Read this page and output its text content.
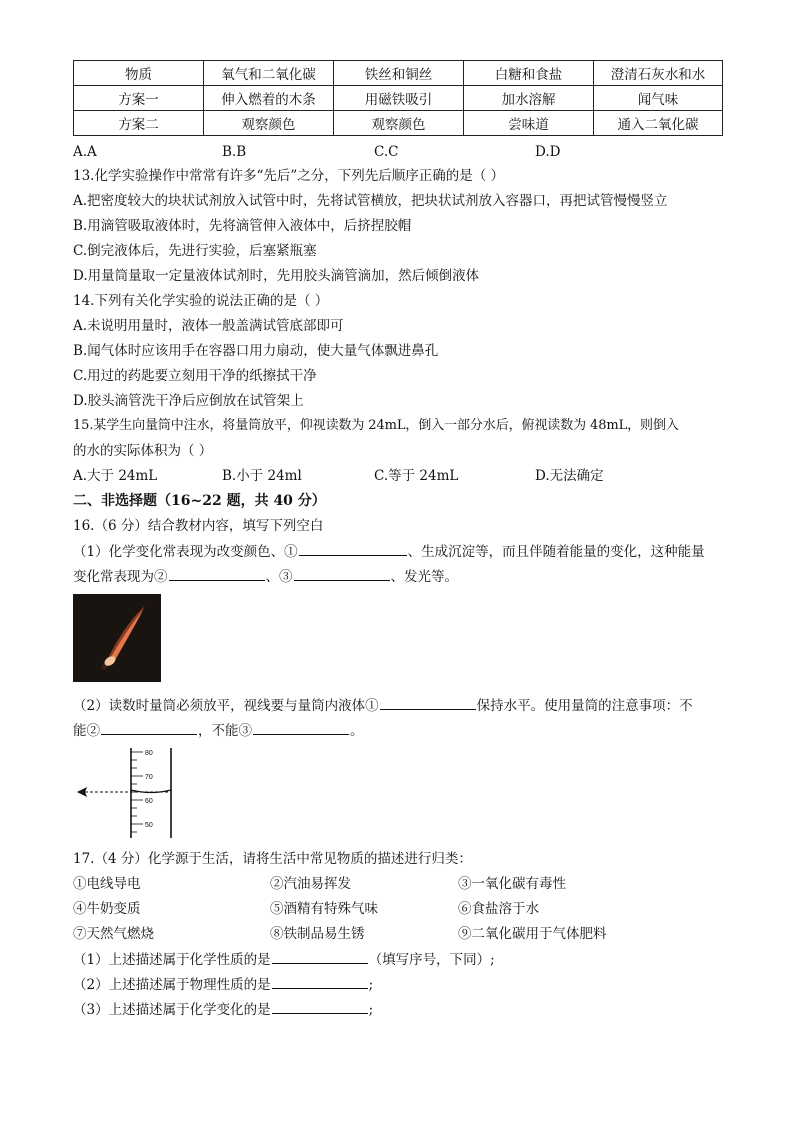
物质	氧气和二氧化碳	铁丝和铜丝	白糖和食盐	澄清石灰水和水
方案一	伸入燃着的木条	用磁铁吸引	加水溶解	闻气味
方案二	观察颜色	观察颜色	尝味道	通入二氧化碳
A.A	B.B	C.C	D.D
13.化学实验操作中常常有许多“先后”之分，下列先后顺序正确的是（ ）
A.把密度较大的块状试剂放入试管中时，先将试管横放，把块状试剂放入容器口，再把试管慢慢竖立
B.用滴管吸取液体时，先将滴管伸入液体中，后挤捏胶帽
C.倒完液体后，先进行实验，后塞紧瓶塞
D.用量筒量取一定量液体试剂时，先用胶头滴管滴加，然后倾倒液体
14.下列有关化学实验的说法正确的是（ ）
A.未说明用量时，液体一般盖满试管底部即可
B.闻气体时应该用手在容器口用力扇动，使大量气体飘进鼻孔
C.用过的药匙要立刻用干净的纸擦拭干净
D.胶头滴管洗干净后应倒放在试管架上
15.某学生向量筒中注水，将量筒放平，仰视读数为 24mL，倒入一部分水后，俯视读数为 48mL，则倒入
的水的实际体积为（ ）
A.大于 24mL	B.小于 24ml	C.等于 24mL	D.无法确定
二、非选择题（16~22 题，共 40 分）
16.（6 分）结合教材内容，填写下列空白
（1）化学变化常表现为改变颜色、①	、生成沉淀等，而且伴随着能量的变化，这种能量
变化常表现为②	、③	、发光等。
（2）读数时量筒必须放平，视线要与量筒内液体①	保持水平。使用量筒的注意事项：不
能②	，不能③	。
80
70
60
50
17.（4 分）化学源于生活，请将生活中常见物质的描述进行归类：
①电线导电	②汽油易挥发	③一氧化碳有毒性
④牛奶变质	⑤酒精有特殊气味	⑥食盐溶于水
⑦天然气燃烧	⑧铁制品易生锈	⑨二氧化碳用于气体肥料
（1）上述描述属于化学性质的是	（填写序号，下同）;
（2）上述描述属于物理性质的是	;
（3）上述描述属于化学变化的是	;
